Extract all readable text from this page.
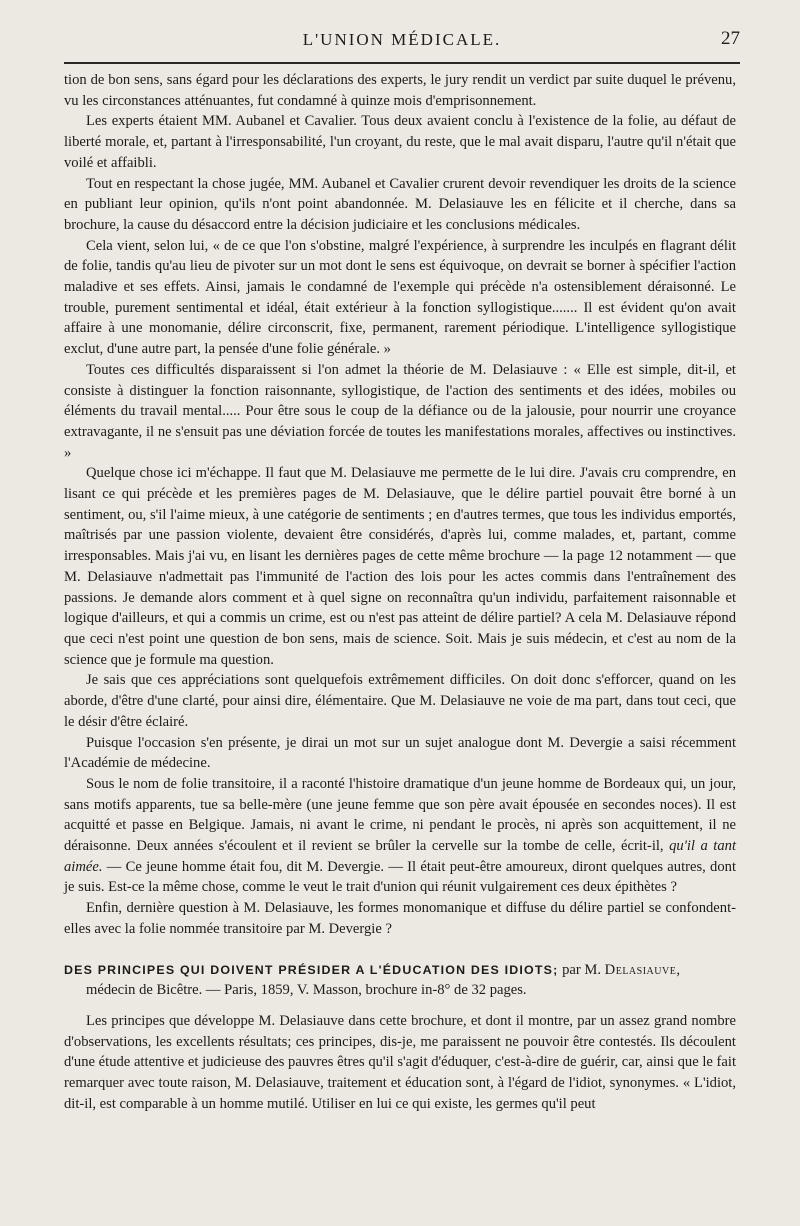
L'UNION MÉDICALE.	27

tion de bon sens, sans égard pour les déclarations des experts, le jury rendit un verdict par suite duquel le prévenu, vu les circonstances atténuantes, fut condamné à quinze mois d'emprisonnement.

Les experts étaient MM. Aubanel et Cavalier. Tous deux avaient conclu à l'existence de la folie, au défaut de liberté morale, et, partant à l'irresponsabilité, l'un croyant, du reste, que le mal avait disparu, l'autre qu'il n'était que voilé et affaibli.

Tout en respectant la chose jugée, MM. Aubanel et Cavalier crurent devoir revendiquer les droits de la science en publiant leur opinion, qu'ils n'ont point abandonnée. M. Delasiauve les en félicite et il cherche, dans sa brochure, la cause du désaccord entre la décision judiciaire et les conclusions médicales.

Cela vient, selon lui, « de ce que l'on s'obstine, malgré l'expérience, à surprendre les inculpés en flagrant délit de folie, tandis qu'au lieu de pivoter sur un mot dont le sens est équivoque, on devrait se borner à spécifier l'action maladive et ses effets. Ainsi, jamais le condamné de l'exemple qui précède n'a ostensiblement déraisonné. Le trouble, purement sentimental et idéal, était extérieur à la fonction syllogistique....... Il est évident qu'on avait affaire à une monomanie, délire circonscrit, fixe, permanent, rarement périodique. L'intelligence syllogistique exclut, d'une autre part, la pensée d'une folie générale. »

Toutes ces difficultés disparaissent si l'on admet la théorie de M. Delasiauve : « Elle est simple, dit-il, et consiste à distinguer la fonction raisonnante, syllogistique, de l'action des sentiments et des idées, mobiles ou éléments du travail mental..... Pour être sous le coup de la défiance ou de la jalousie, pour nourrir une croyance extravagante, il ne s'ensuit pas une déviation forcée de toutes les manifestations morales, affectives ou instinctives. »

Quelque chose ici m'échappe. Il faut que M. Delasiauve me permette de le lui dire. J'avais cru comprendre, en lisant ce qui précède et les premières pages de M. Delasiauve, que le délire partiel pouvait être borné à un sentiment, ou, s'il l'aime mieux, à une catégorie de sentiments ; en d'autres termes, que tous les individus emportés, maîtrisés par une passion violente, devaient être considérés, d'après lui, comme malades, et, partant, comme irresponsables. Mais j'ai vu, en lisant les dernières pages de cette même brochure — la page 12 notamment — que M. Delasiauve n'admettait pas l'immunité de l'action des lois pour les actes commis dans l'entraînement des passions. Je demande alors comment et à quel signe on reconnaîtra qu'un individu, parfaitement raisonnable et logique d'ailleurs, et qui a commis un crime, est ou n'est pas atteint de délire partiel? A cela M. Delasiauve répond que ceci n'est point une question de bon sens, mais de science. Soit. Mais je suis médecin, et c'est au nom de la science que je formule ma question.

Je sais que ces appréciations sont quelquefois extrêmement difficiles. On doit donc s'efforcer, quand on les aborde, d'être d'une clarté, pour ainsi dire, élémentaire. Que M. Delasiauve ne voie de ma part, dans tout ceci, que le désir d'être éclairé.

Puisque l'occasion s'en présente, je dirai un mot sur un sujet analogue dont M. Devergie a saisi récemment l'Académie de médecine.

Sous le nom de folie transitoire, il a raconté l'histoire dramatique d'un jeune homme de Bordeaux qui, un jour, sans motifs apparents, tue sa belle-mère (une jeune femme que son père avait épousée en secondes noces). Il est acquitté et passe en Belgique. Jamais, ni avant le crime, ni pendant le procès, ni après son acquittement, il ne déraisonne. Deux années s'écoulent et il revient se brûler la cervelle sur la tombe de celle, écrit-il, qu'il a tant aimée. — Ce jeune homme était fou, dit M. Devergie. — Il était peut-être amoureux, diront quelques autres, dont je suis. Est-ce la même chose, comme le veut le trait d'union qui réunit vulgairement ces deux épithètes ?

Enfin, dernière question à M. Delasiauve, les formes monomanique et diffuse du délire partiel se confondent-elles avec la folie nommée transitoire par M. Devergie ?

DES PRINCIPES QUI DOIVENT PRÉSIDER A L'ÉDUCATION DES IDIOTS; par M. Delasiauve,

médecin de Bicêtre. — Paris, 1859, V. Masson, brochure in-8° de 32 pages.

Les principes que développe M. Delasiauve dans cette brochure, et dont il montre, par un assez grand nombre d'observations, les excellents résultats; ces principes, dis-je, me paraissent ne pouvoir être contestés. Ils découlent d'une étude attentive et judicieuse des pauvres êtres qu'il s'agit d'éduquer, c'est-à-dire de guérir, car, ainsi que le fait remarquer avec toute raison, M. Delasiauve, traitement et éducation sont, à l'égard de l'idiot, synonymes. « L'idiot, dit-il, est comparable à un homme mutilé. Utiliser en lui ce qui existe, les germes qu'il peut
